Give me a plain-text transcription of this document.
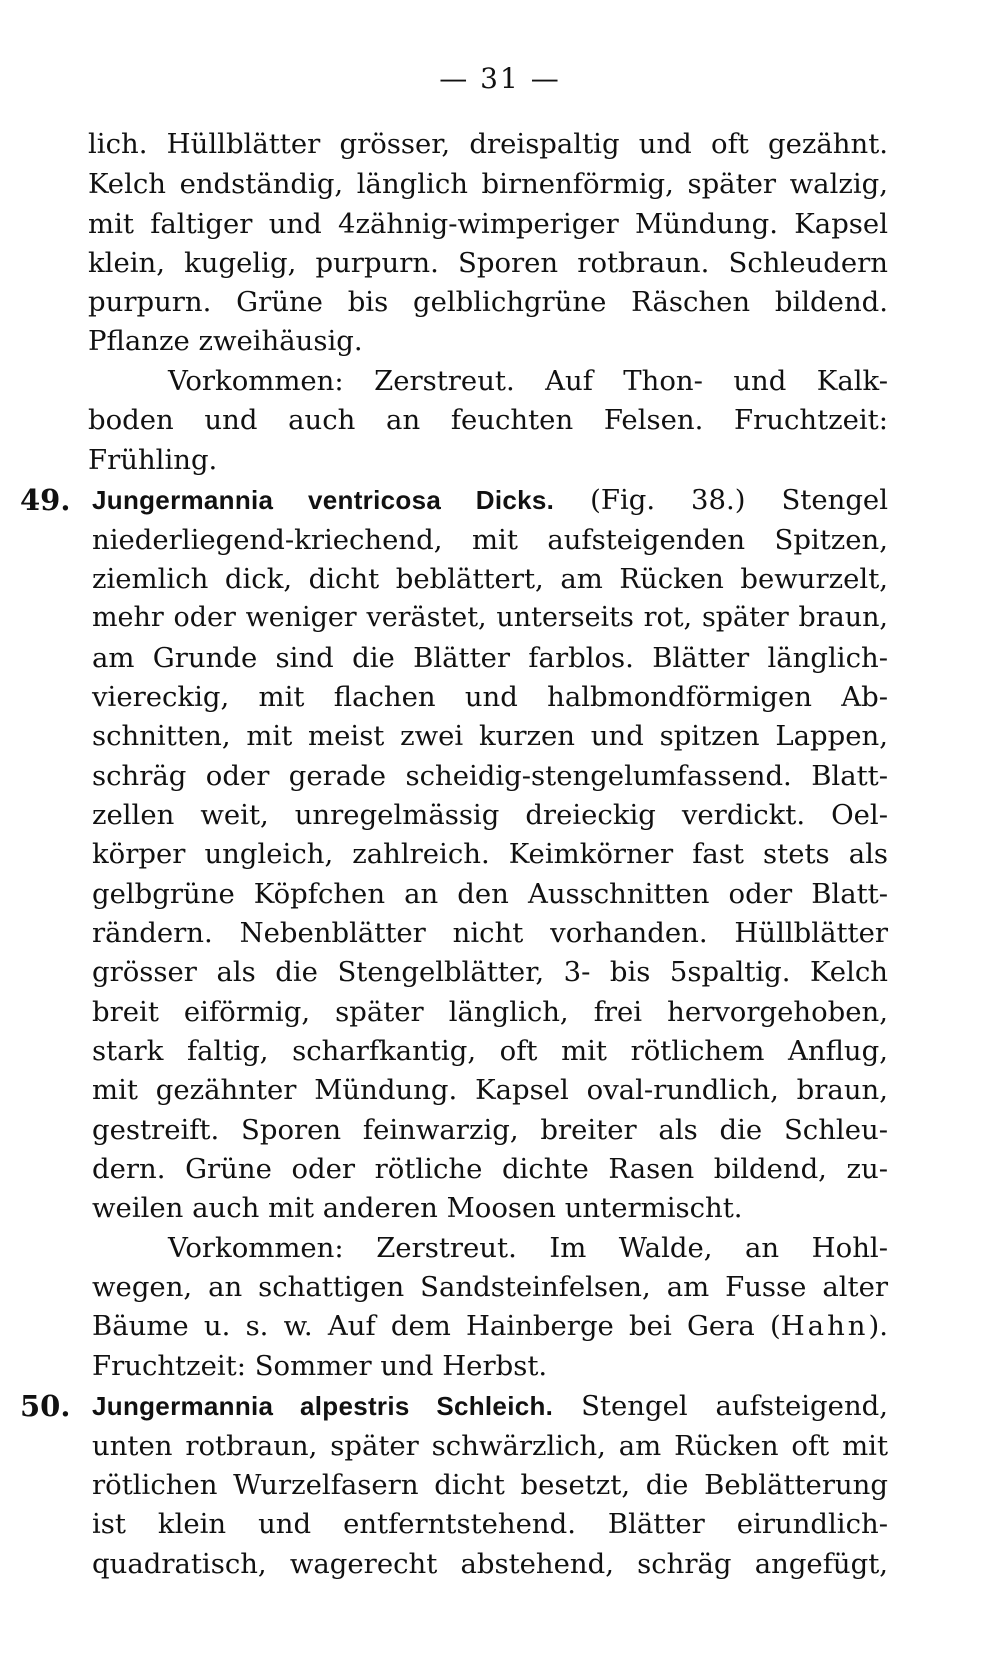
— 31 —
lich. Hüllblätter grösser, dreispaltig und oft gezähnt.
Kelch endständig, länglich birnenförmig, später walzig,
mit faltiger und 4zähnig-wimperiger Mündung. Kapsel
klein, kugelig, purpurn. Sporen rotbraun. Schleudern
purpurn. Grüne bis gelblichgrüne Räschen bildend.
Pflanze zweihäusig.
Vorkommen: Zerstreut. Auf Thon- und Kalk-
boden und auch an feuchten Felsen. Fruchtzeit:
Frühling.
49. Jungermannia ventricosa Dicks. (Fig. 38.) Stengel
niederliegend-kriechend, mit aufsteigenden Spitzen,
ziemlich dick, dicht beblättert, am Rücken bewurzelt,
mehr oder weniger verästet, unterseits rot, später braun,
am Grunde sind die Blätter farblos. Blätter länglich-
viereckig, mit flachen und halbmondförmigen Ab-
schnitten, mit meist zwei kurzen und spitzen Lappen,
schräg oder gerade scheidig-stengelumfassend. Blatt-
zellen weit, unregelmässig dreieckig verdickt. Oel-
körper ungleich, zahlreich. Keimkörner fast stets als
gelbgrüne Köpfchen an den Ausschnitten oder Blatt-
rändern. Nebenblätter nicht vorhanden. Hüllblätter
grösser als die Stengelblätter, 3- bis 5spaltig. Kelch
breit eiförmig, später länglich, frei hervorgehoben,
stark faltig, scharfkantig, oft mit rötlichem Anflug,
mit gezähnter Mündung. Kapsel oval-rundlich, braun,
gestreift. Sporen feinwarzig, breiter als die Schleu-
dern. Grüne oder rötliche dichte Rasen bildend, zu-
weilen auch mit anderen Moosen untermischt.
Vorkommen: Zerstreut. Im Walde, an Hohl-
wegen, an schattigen Sandsteinfelsen, am Fusse alter
Bäume u. s. w. Auf dem Hainberge bei Gera (Hahn).
Fruchtzeit: Sommer und Herbst.
50. Jungermannia alpestris Schleich. Stengel aufsteigend,
unten rotbraun, später schwärzlich, am Rücken oft mit
rötlichen Wurzelfasern dicht besetzt, die Beblätterung
ist klein und entferntstehend. Blätter eirundlich-
quadratisch, wagerecht abstehend, schräg angefügt,
